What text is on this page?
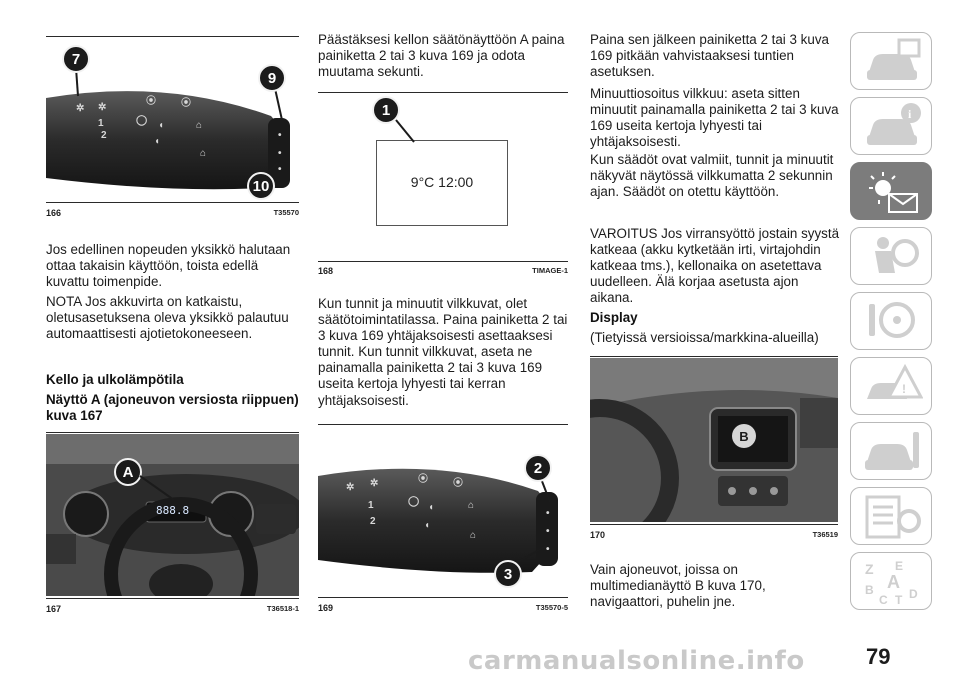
✲ ✲
⦿	⦿
1
2
◯ ◖
◖
⌂
⌂
•
•
•
7
9
10
166	T35570
Jos edellinen nopeuden yksikkö halutaan ottaa takaisin käyttöön, toista edellä kuvattu toimenpide.
NOTA Jos akkuvirta on katkaistu, oletusasetuksena oleva yksikkö palautuu automaattisesti ajotietokoneeseen.
Kello ja ulkolämpötila
Näyttö A (ajoneuvon versiosta riippuen) kuva 167
888.8
A
167	T36518-1
Päästäksesi kellon säätönäyttöön A paina painiketta 2 tai 3 kuva 169 ja odota muutama sekunti.
9°C 12:00
1
168	TIMAGE-1
Kun tunnit ja minuutit vilkkuvat, olet säätötoimintatilassa. Paina painiketta 2 tai 3 kuva 169 yhtäjaksoisesti asettaaksesi tunnit. Kun tunnit vilkkuvat, aseta ne painamalla painiketta 2 tai 3 kuva 169 useita kertoja lyhyesti tai kerran yhtäjaksoisesti.
✲ ✲	⦿	⦿
1
2
◯
◖
◖
⌂
⌂
•
•
•
2
3
169	T35570-5
Paina sen jälkeen painiketta 2 tai 3 kuva 169 pitkään vahvistaaksesi tuntien asetuksen.
Minuuttiosoitus vilkkuu: aseta sitten minuutit painamalla painiketta 2 tai 3 kuva 169 useita kertoja lyhyesti tai yhtäjaksoisesti.
Kun säädöt ovat valmiit, tunnit ja minuutit näkyvät näytössä vilkkumatta 2 sekunnin ajan. Säädöt on otettu käyttöön.
VAROITUS Jos virransyöttö jostain syystä katkeaa (akku kytketään irti, virtajohdin katkeaa tms.), kellonaika on asetettava uudelleen. Älä korjaa asetusta ajon aikana.
Display
(Tietyissä versioissa/markkina-alueilla)
B
170	T36519
Vain ajoneuvot, joissa on multimedianäyttö B kuva 170, navigaattori, puhelin jne.
i
!
Z E
A
B	D
C T
carmanualsonline.info	79
